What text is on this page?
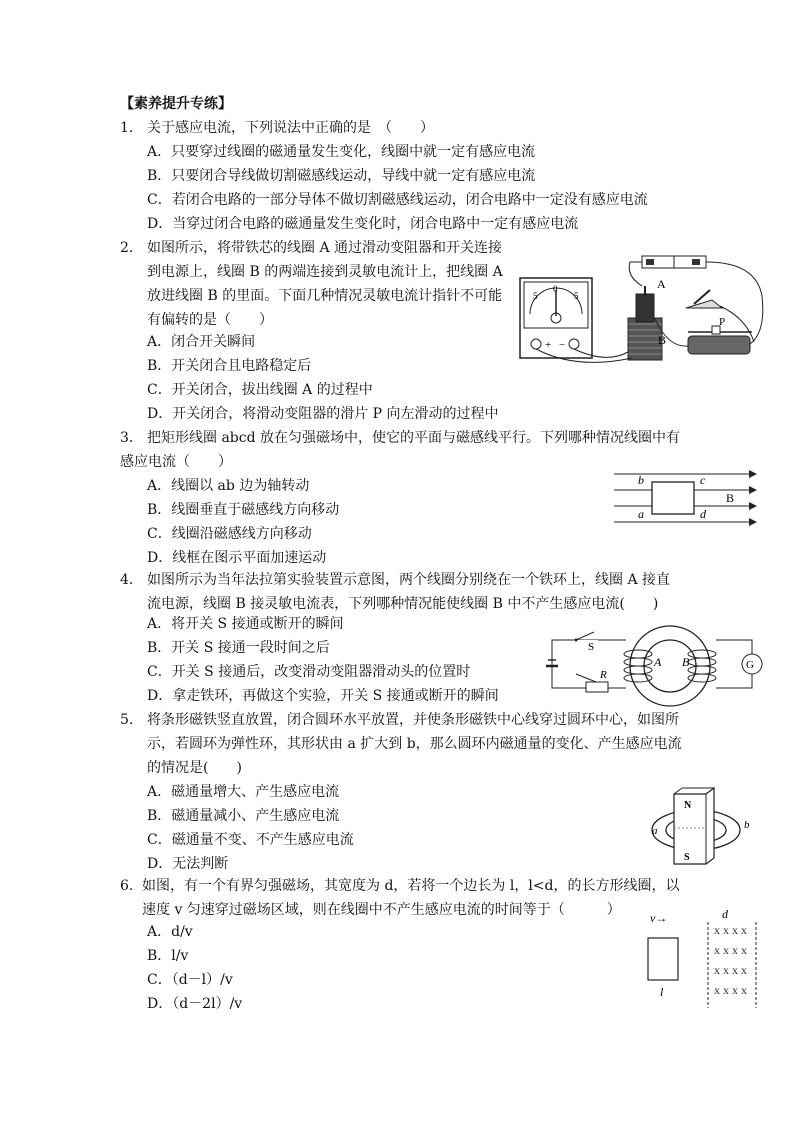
【素养提升专练】
1． 关于感应电流，下列说法中正确的是　（　　）
A．只要穿过线圈的磁通量发生变化，线圈中就一定有感应电流
B．只要闭合导线做切割磁感线运动，导线中就一定有感应电流
C．若闭合电路的一部分导体不做切割磁感线运动，闭合电路中一定没有感应电流
D．当穿过闭合电路的磁通量发生变化时，闭合电路中一定有感应电流
2． 如图所示，将带铁芯的线圈 A 通过滑动变阻器和开关连接
到电源上，线圈 B 的两端连接到灵敏电流计上，把线圈 A
放进线圈 B 的里面。下面几种情况灵敏电流计指针不可能
有偏转的是（　　）
A．闭合开关瞬间
B．开关闭合且电路稳定后
C．开关闭合，拔出线圈 A 的过程中
D．开关闭合，将滑动变阻器的滑片 P 向左滑动的过程中
5
0
5
+ −
A
B
P
3． 把矩形线圈 abcd 放在匀强磁场中，使它的平面与磁感线平行。下列哪种情况线圈中有
感应电流（　　）
A．线圈以 ab 边为轴转动
B．线圈垂直于磁感线方向移动
C．线圈沿磁感线方向移动
D．线框在图示平面加速运动
b	c
a	d
B
4． 如图所示为当年法拉第实验装置示意图，两个线圈分别绕在一个铁环上，线圈 A 接直
流电源，线圈 B 接灵敏电流表，下列哪种情况能使线圈 B 中不产生感应电流(　　)
A．将开关 S 接通或断开的瞬间
B．开关 S 接通一段时间之后
C．开关 S 接通后，改变滑动变阻器滑动头的位置时
D．拿走铁环，再做这个实验，开关 S 接通或断开的瞬间
A B
S
R
G
5. 将条形磁铁竖直放置，闭合圆环水平放置，并使条形磁铁中心线穿过圆环中心，如图所
示，若圆环为弹性环，其形状由 a 扩大到 b，那么圆环内磁通量的变化、产生感应电流
的情况是(　　)
A．磁通量增大、产生感应电流
B．磁通量减小、产生感应电流
C．磁通量不变、不产生感应电流
D．无法判断
N
S
a	b
6. 如图，有一个有界匀强磁场，其宽度为 d，若将一个边长为 l，l<d，的长方形线圈，以
速度 v 匀速穿过磁场区域，则在线圈中不产生感应电流的时间等于（　　　）
A．d/v
B．l/v
C．（d－l）/v
D．（d－2l）/v
v→	d
l
x x x x
x x x x
x x x x
x x x x
